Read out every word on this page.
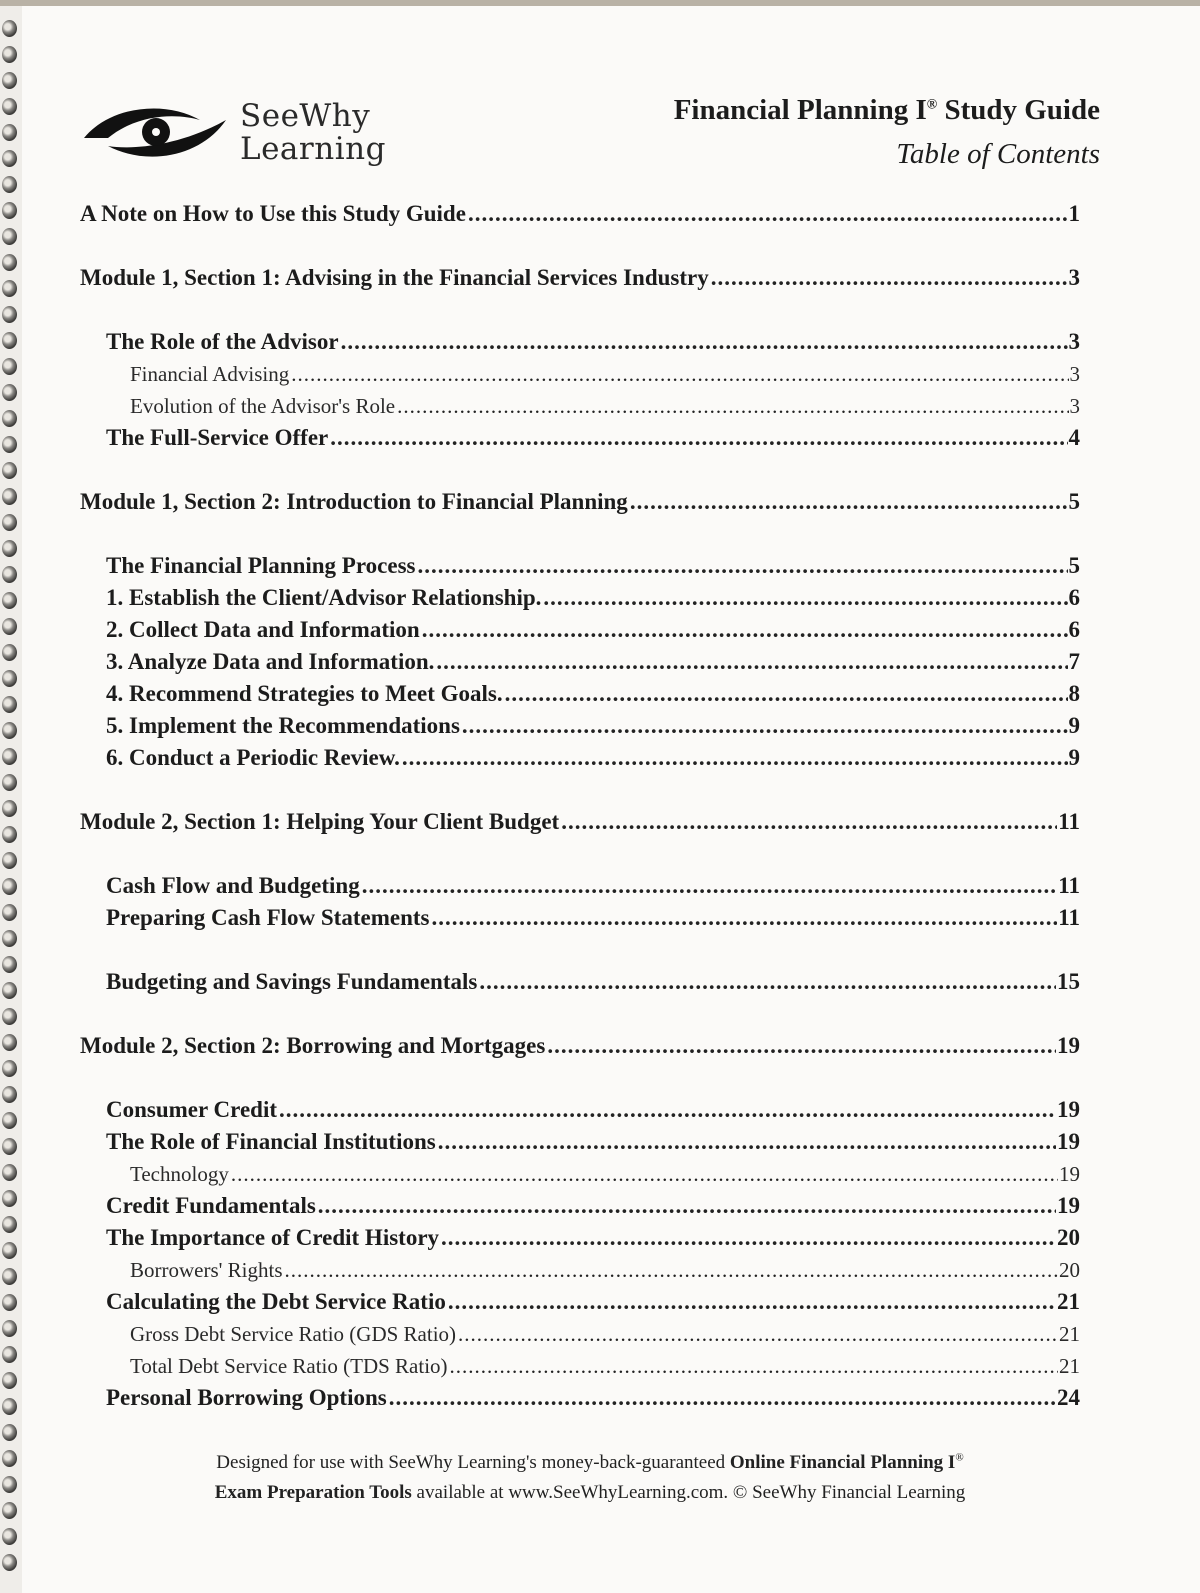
SeeWhy
Learning
Financial Planning I® Study Guide
Table of Contents
A Note on How to Use this Study Guide .....	1
Module 1, Section 1: Advising in the Financial Services Industry .....	3
The Role of the Advisor .....	3
Financial Advising .....	3
Evolution of the Advisor's Role .....	3
The Full-Service Offer .....	4
Module 1, Section 2: Introduction to Financial Planning .....	5
The Financial Planning Process .....	5
1. Establish the Client/Advisor Relationship. .....	6
2. Collect Data and Information .....	6
3. Analyze Data and Information. .....	7
4. Recommend Strategies to Meet Goals. .....	8
5. Implement the Recommendations .....	9
6. Conduct a Periodic Review. .....	9
Module 2, Section 1: Helping Your Client Budget .....	11
Cash Flow and Budgeting .....	11
Preparing Cash Flow Statements .....	11
Budgeting and Savings Fundamentals .....	15
Module 2, Section 2: Borrowing and Mortgages .....	19
Consumer Credit .....	19
The Role of Financial Institutions .....	19
Technology .....	19
Credit Fundamentals .....	19
The Importance of Credit History .....	20
Borrowers' Rights .....	20
Calculating the Debt Service Ratio .....	21
Gross Debt Service Ratio (GDS Ratio) .....	21
Total Debt Service Ratio (TDS Ratio) .....	21
Personal Borrowing Options .....	24
Designed for use with SeeWhy Learning's money-back-guaranteed Online Financial Planning I®
Exam Preparation Tools available at www.SeeWhyLearning.com. © SeeWhy Financial Learning
